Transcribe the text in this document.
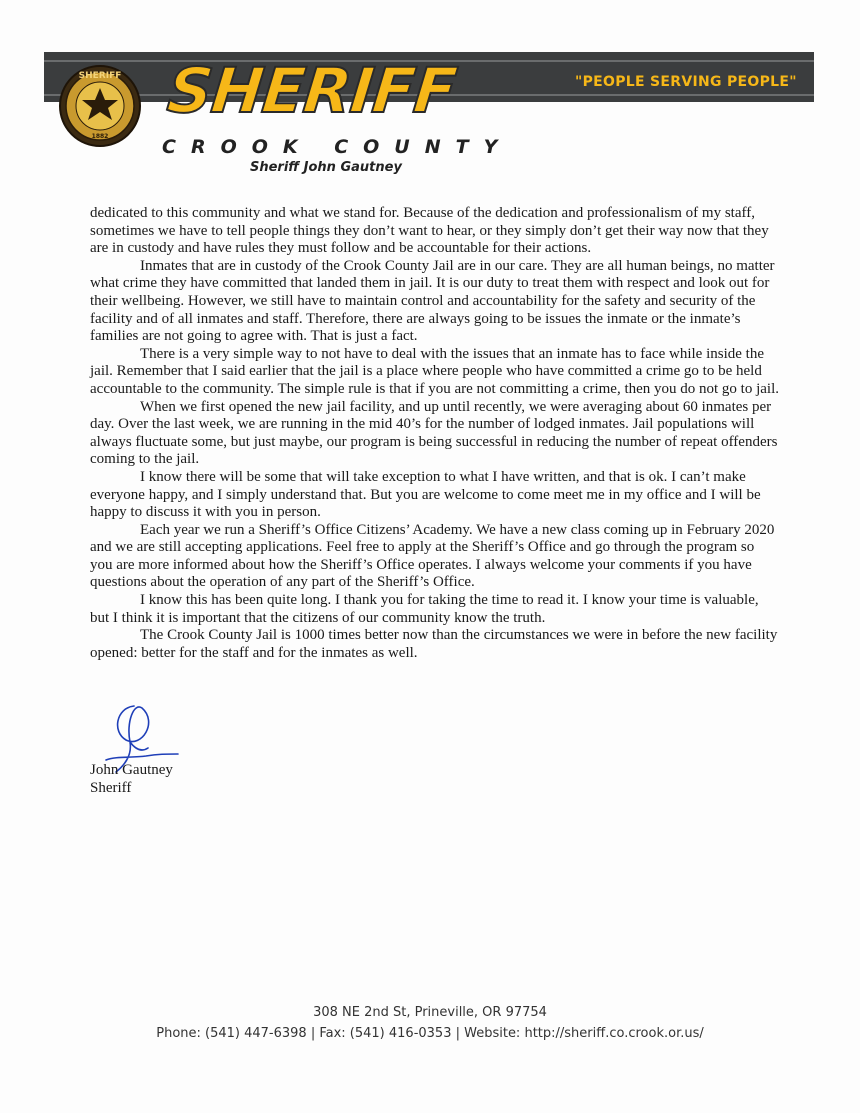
"PEOPLE SERVING PEOPLE"
SHERIFF
1882
SHERIFF
CROOK COUNTY
Sheriff John Gautney

dedicated to this community and what we stand for. Because of the dedication and professionalism of my staff, sometimes we have to tell people things they don’t want to hear, or they simply don’t get their way now that they are in custody and have rules they must follow and be accountable for their actions.

Inmates that are in custody of the Crook County Jail are in our care. They are all human beings, no matter what crime they have committed that landed them in jail. It is our duty to treat them with respect and look out for their wellbeing. However, we still have to maintain control and accountability for the safety and security of the facility and of all inmates and staff. Therefore, there are always going to be issues the inmate or the inmate’s families are not going to agree with. That is just a fact.

There is a very simple way to not have to deal with the issues that an inmate has to face while inside the jail. Remember that I said earlier that the jail is a place where people who have committed a crime go to be held accountable to the community. The simple rule is that if you are not committing a crime, then you do not go to jail.

When we first opened the new jail facility, and up until recently, we were averaging about 60 inmates per day. Over the last week, we are running in the mid 40’s for the number of lodged inmates. Jail populations will always fluctuate some, but just maybe, our program is being successful in reducing the number of repeat offenders coming to the jail.

I know there will be some that will take exception to what I have written, and that is ok. I can’t make everyone happy, and I simply understand that. But you are welcome to come meet me in my office and I will be happy to discuss it with you in person.

Each year we run a Sheriff’s Office Citizens’ Academy. We have a new class coming up in February 2020 and we are still accepting applications. Feel free to apply at the Sheriff’s Office and go through the program so you are more informed about how the Sheriff’s Office operates. I always welcome your comments if you have questions about the operation of any part of the Sheriff’s Office.

I know this has been quite long. I thank you for taking the time to read it. I know your time is valuable, but I think it is important that the citizens of our community know the truth.

The Crook County Jail is 1000 times better now than the circumstances we were in before the new facility opened: better for the staff and for the inmates as well.

John Gautney
Sheriff
308 NE 2nd St, Prineville, OR 97754
Phone: (541) 447-6398 | Fax: (541) 416-0353 | Website: http://sheriff.co.crook.or.us/
